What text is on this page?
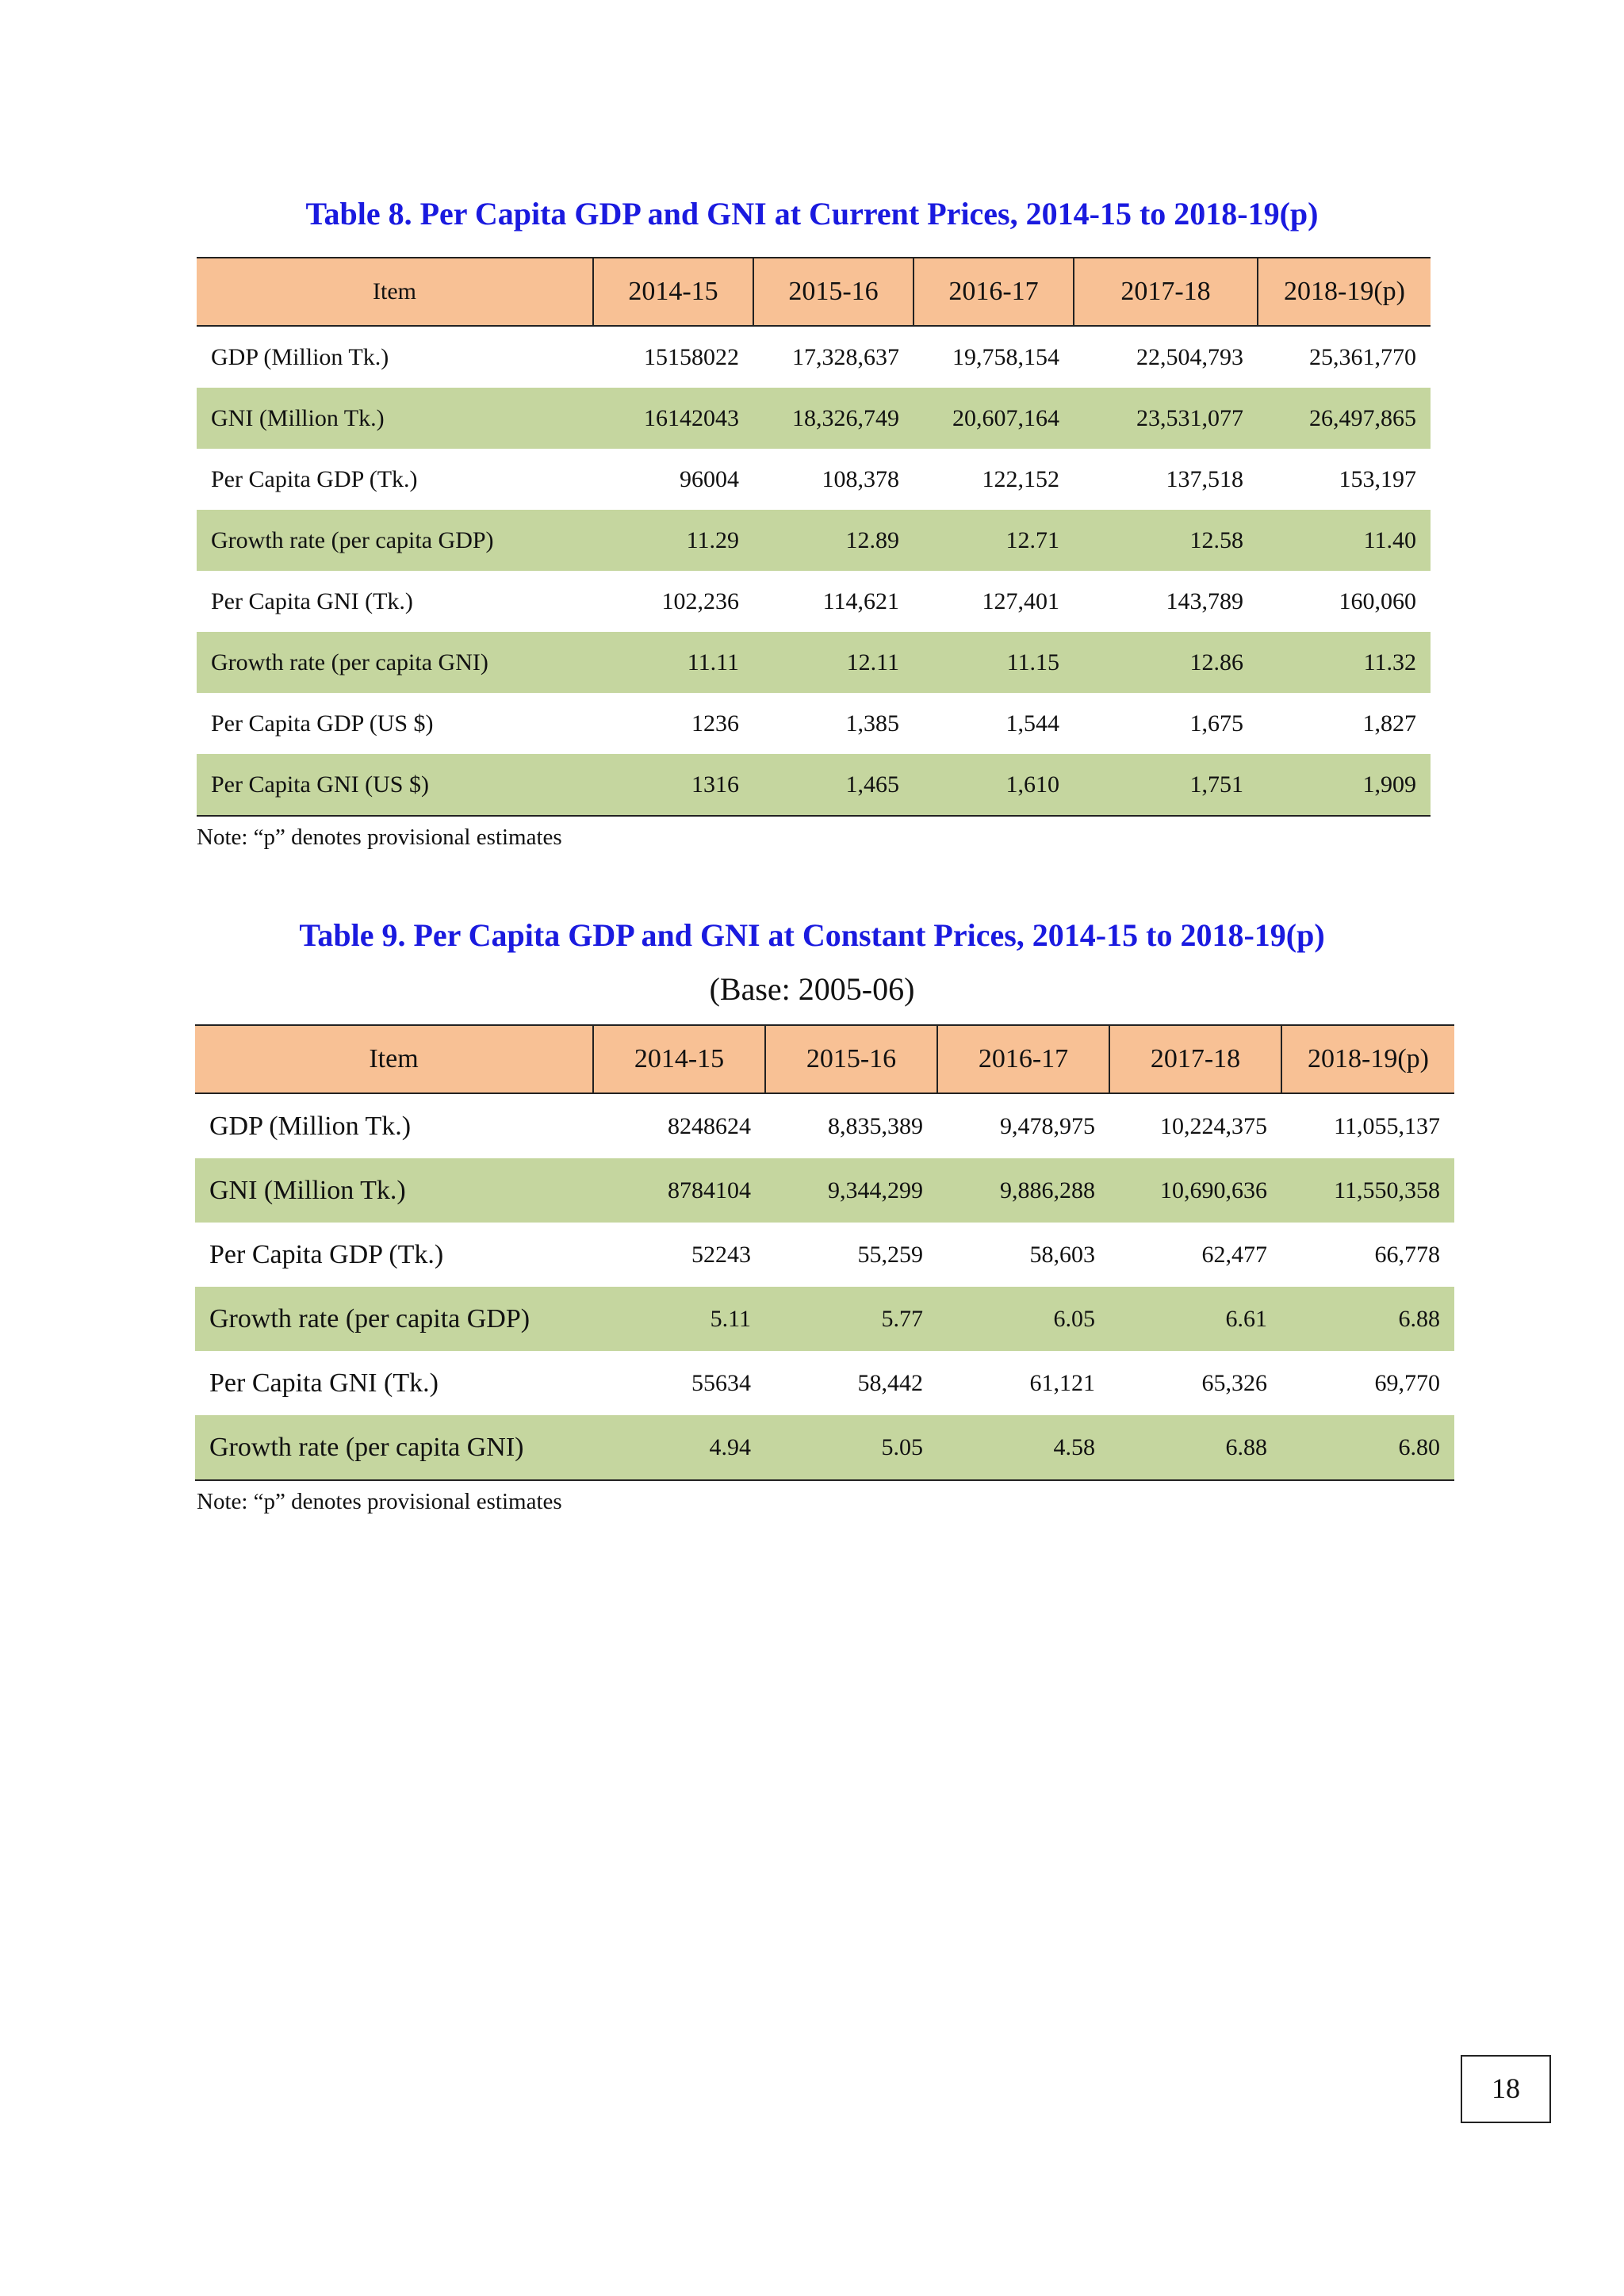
Table 8. Per Capita GDP and GNI at Current Prices, 2014-15 to 2018-19(p)
Item	2014-15	2015-16	2016-17	2017-18	2018-19(p)
GDP (Million Tk.)	15158022	17,328,637	19,758,154	22,504,793	25,361,770
GNI (Million Tk.)	16142043	18,326,749	20,607,164	23,531,077	26,497,865
Per Capita GDP (Tk.)	96004	108,378	122,152	137,518	153,197
Growth rate (per capita GDP)	11.29	12.89	12.71	12.58	11.40
Per Capita GNI (Tk.)	102,236	114,621	127,401	143,789	160,060
Growth rate (per capita GNI)	11.11	12.11	11.15	12.86	11.32
Per Capita GDP (US $)	1236	1,385	1,544	1,675	1,827
Per Capita GNI (US $)	1316	1,465	1,610	1,751	1,909
Note: “p” denotes provisional estimates
Table 9. Per Capita GDP and GNI at Constant Prices, 2014-15 to 2018-19(p)
(Base: 2005-06)
Item	2014-15	2015-16	2016-17	2017-18	2018-19(p)
GDP (Million Tk.)	8248624	8,835,389	9,478,975	10,224,375	11,055,137
GNI (Million Tk.)	8784104	9,344,299	9,886,288	10,690,636	11,550,358
Per Capita GDP (Tk.)	52243	55,259	58,603	62,477	66,778
Growth rate (per capita GDP)	5.11	5.77	6.05	6.61	6.88
Per Capita GNI (Tk.)	55634	58,442	61,121	65,326	69,770
Growth rate (per capita GNI)	4.94	5.05	4.58	6.88	6.80
Note: “p” denotes provisional estimates
18
